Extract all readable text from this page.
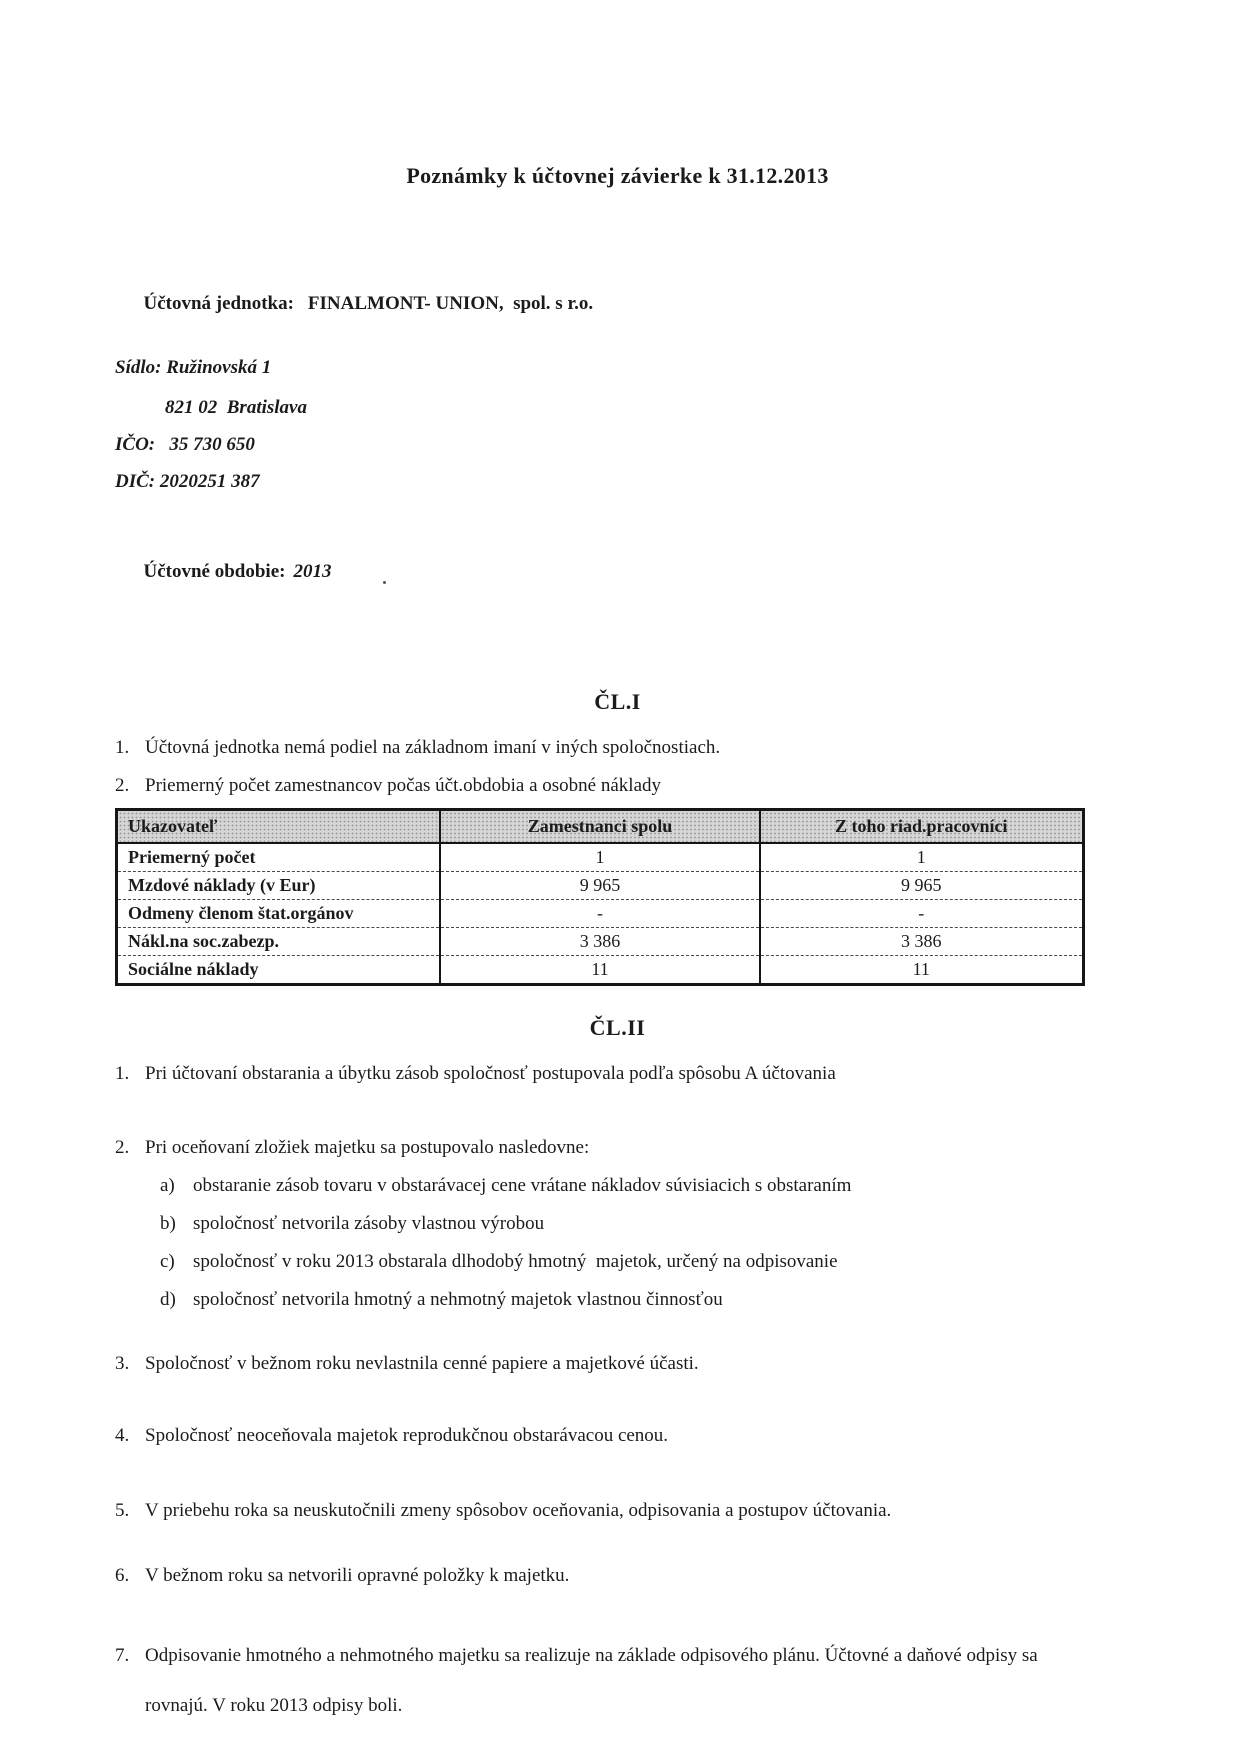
Poznámky k účtovnej závierke k 31.12.2013

Účtovná jednotka: FINALMONT- UNION,  spol. s r.o.

Sídlo: Ružinovská 1
821 02  Bratislava
IČO:   35 730 650
DIČ: 2020251 387

Účtovné obdobie: 2013

ČL.I
1. Účtovná jednotka nemá podiel na základnom imaní v iných spoločnostiach.
2. Priemerný počet zamestnancov počas účt.obdobia a osobné náklady
Ukazovateľ	Zamestnanci spolu	Z toho riad.pracovníci
Priemerný počet	1	1
Mzdové náklady (v Eur)	9 965	9 965
Odmeny členom štat.orgánov	-	-
Nákl.na soc.zabezp.	3 386	3 386
Sociálne náklady	11	11
ČL.II
1. Pri účtovaní obstarania a úbytku zásob spoločnosť postupovala podľa spôsobu A účtovania
2. Pri oceňovaní zložiek majetku sa postupovalo nasledovne:
a) obstaranie zásob tovaru v obstarávacej cene vrátane nákladov súvisiacich s obstaraním
b) spoločnosť netvorila zásoby vlastnou výrobou
c) spoločnosť v roku 2013 obstarala dlhodobý hmotný  majetok, určený na odpisovanie
d) spoločnosť netvorila hmotný a nehmotný majetok vlastnou činnosťou
3. Spoločnosť v bežnom roku nevlastnila cenné papiere a majetkové účasti.
4. Spoločnosť neoceňovala majetok reprodukčnou obstarávacou cenou.
5. V priebehu roka sa neuskutočnili zmeny spôsobov oceňovania, odpisovania a postupov účtovania.
6. V bežnom roku sa netvorili opravné položky k majetku.
7. Odpisovanie hmotného a nehmotného majetku sa realizuje na základe odpisového plánu. Účtovné a daňové odpisy sa rovnajú. V roku 2013 odpisy boli.
